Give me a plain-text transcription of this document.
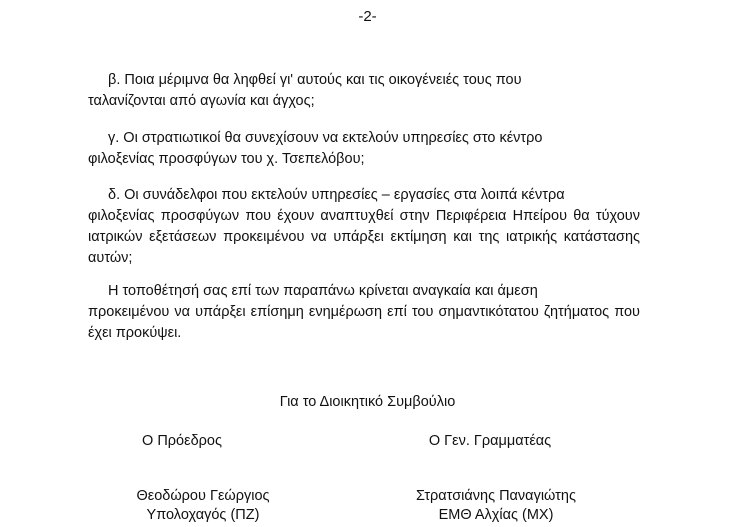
-2-
β. Ποια μέριμνα θα ληφθεί γι' αυτούς και τις οικογένειές τους που
ταλανίζονται από αγωνία και άγχος;
γ. Οι στρατιωτικοί θα συνεχίσουν να εκτελούν υπηρεσίες στο κέντρο
φιλοξενίας προσφύγων του χ. Τσεπελόβου;
δ. Οι συνάδελφοι που εκτελούν υπηρεσίες – εργασίες στα λοιπά κέντρα
φιλοξενίας προσφύγων που έχουν αναπτυχθεί στην Περιφέρεια Ηπείρου θα τύχουν ιατρικών εξετάσεων προκειμένου να υπάρξει εκτίμηση και της ιατρικής κατάστασης αυτών;
Η τοποθέτησή σας επί των παραπάνω κρίνεται αναγκαία και άμεση
προκειμένου να υπάρξει επίσημη ενημέρωση επί του σημαντικότατου ζητήματος που έχει προκύψει.
Για το Διοικητικό Συμβούλιο
Ο Πρόεδρος	Ο Γεν. Γραμματέας
Θεοδώρου Γεώργιος
Υπολοχαγός (ΠΖ)
Στρατσιάνης Παναγιώτης
ΕΜΘ Αλχίας (ΜΧ)
